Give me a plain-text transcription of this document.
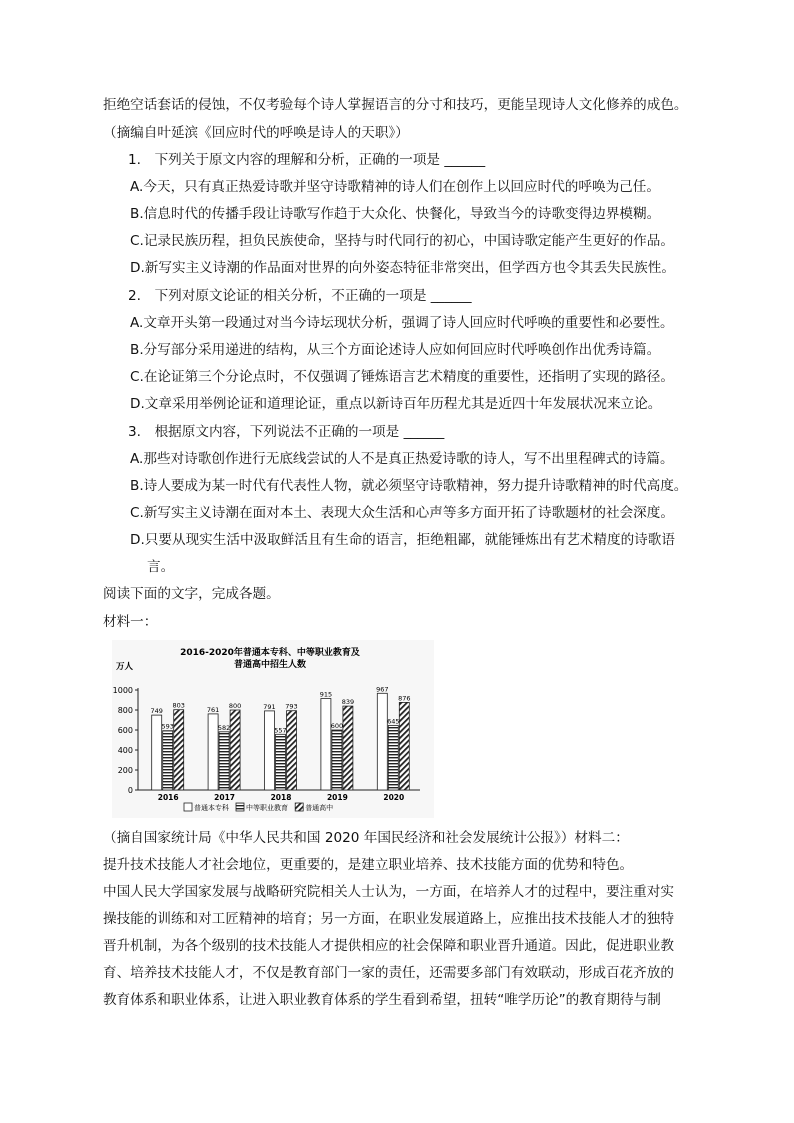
拒绝空话套话的侵蚀，不仅考验每个诗人掌握语言的分寸和技巧，更能呈现诗人文化修养的成色。
（摘编自叶延滨《回应时代的呼唤是诗人的天职》）
1.　下列关于原文内容的理解和分析，正确的一项是 ______
A.今天，只有真正热爱诗歌并坚守诗歌精神的诗人们在创作上以回应时代的呼唤为己任。
B.信息时代的传播手段让诗歌写作趋于大众化、快餐化，导致当今的诗歌变得边界模糊。
C.记录民族历程，担负民族使命，坚持与时代同行的初心，中国诗歌定能产生更好的作品。
D.新写实主义诗潮的作品面对世界的向外姿态特征非常突出，但学西方也令其丢失民族性。
2.　下列对原文论证的相关分析，不正确的一项是 ______
A.文章开头第一段通过对当今诗坛现状分析，强调了诗人回应时代呼唤的重要性和必要性。
B.分写部分采用递进的结构，从三个方面论述诗人应如何回应时代呼唤创作出优秀诗篇。
C.在论证第三个分论点时，不仅强调了锤炼语言艺术精度的重要性，还指明了实现的路径。
D.文章采用举例论证和道理论证，重点以新诗百年历程尤其是近四十年发展状况来立论。
3.　根据原文内容，下列说法不正确的一项是 ______
A.那些对诗歌创作进行无底线尝试的人不是真正热爱诗歌的诗人，写不出里程碑式的诗篇。
B.诗人要成为某一时代有代表性人物，就必须坚守诗歌精神，努力提升诗歌精神的时代高度。
C.新写实主义诗潮在面对本土、表现大众生活和心声等多方面开拓了诗歌题材的社会深度。
D.只要从现实生活中汲取鲜活且有生命的语言，拒绝粗鄙，就能锤炼出有艺术精度的诗歌语
言。
阅读下面的文字，完成各题。
材料一：
2016-2020年普通本专科、中等职业教育及
普通高中招生人数
万人
0
200
400
600
800
1000
749
593
803
2016
761
582
800
2017
791
557
793
2018
915
600
839
2019
967
645
876
2020
普通本专科 中等职业教育 普通高中
（摘自国家统计局《中华人民共和国 2020 年国民经济和社会发展统计公报》）材料二：
提升技术技能人才社会地位，更重要的，是建立职业培养、技术技能方面的优势和特色。
中国人民大学国家发展与战略研究院相关人士认为，一方面，在培养人才的过程中，要注重对实
操技能的训练和对工匠精神的培育；另一方面，在职业发展道路上，应推出技术技能人才的独特
晋升机制，为各个级别的技术技能人才提供相应的社会保障和职业晋升通道。因此，促进职业教
育、培养技术技能人才，不仅是教育部门一家的责任，还需要多部门有效联动，形成百花齐放的
教育体系和职业体系，让进入职业教育体系的学生看到希望，扭转“唯学历论”的教育期待与制
